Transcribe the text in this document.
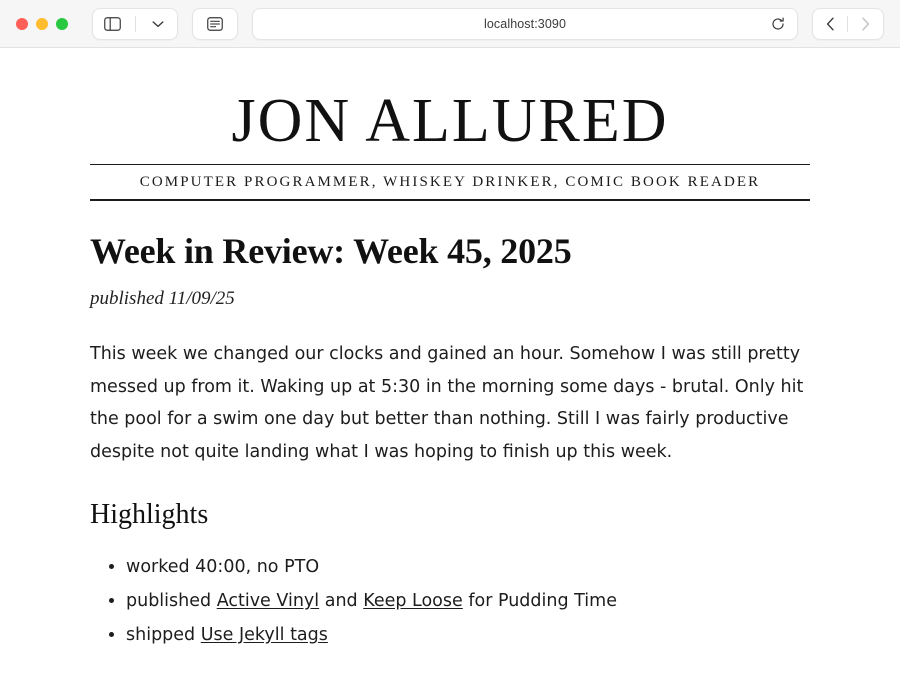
localhost:3090
JON ALLURED
COMPUTER PROGRAMMER, WHISKEY DRINKER, COMIC BOOK READER
Week in Review: Week 45, 2025
published 11/09/25

This week we changed our clocks and gained an hour. Somehow I was still pretty messed up from it. Waking up at 5:30 in the morning some days - brutal. Only hit the pool for a swim one day but better than nothing. Still I was fairly productive despite not quite landing what I was hoping to finish up this week.

Highlights
• worked 40:00, no PTO
• published Active Vinyl and Keep Loose for Pudding Time
• shipped Use Jekyll tags
